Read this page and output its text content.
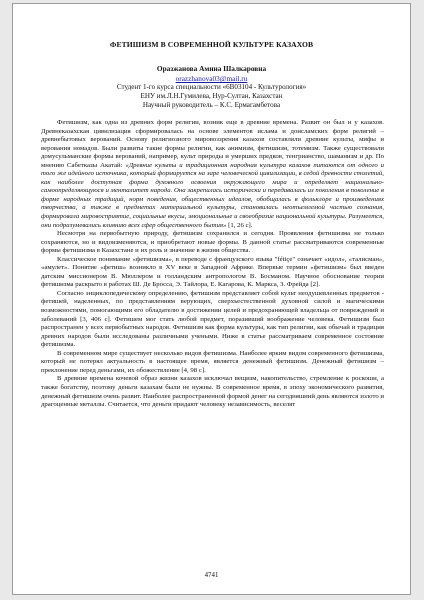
ФЕТИШИЗМ В СОВРЕМЕННОЙ КУЛЬТУРЕ КАЗАХОВ
Оразжанова Амина Шалкаровна
orazzhanova03@mail.ru
Студент 1-го курса специальности «6В03104 - Культурология»
ЕНУ им.Л.Н.Гумилева, Нур-Султан, Казахстан
Научный руководитель – К.С. Ермагамбетова

Фетишизм, как одна из древних форм религии, возник еще в древние времена. Развит он был и у казахов. Древнеказахская цивилизация сформировалась на основе элементов ислама и доисламских форм религий – древнебытовых верований. Основу религиозного мировоззрения казахов составляли древние культы, мифы и верования номадов. Были развиты такие формы религии, как анимизм, фетишизм, тотемизм. Также существовали домусульманские формы верований, например, культ природы и умерших предков, тенгрианство, шаманизм и др. По мнению Сабетказы Акатай: «Древние культы и традиционная народная культура казахов питаются от одного и того же идейного источника, который формируется на заре человеческой цивилизации, в седой древности столетий, как наиболее доступная форма духовного освоения окружающего мира и определяет национально-самоопределяющуюся и менталитет народа. Она закрепилась исторически и передавалась из поколения в поколение в форме народных традиций, норм поведения, общественных идеалов, обобщалась в фольклоре и произведениях творчества, а также в предметах материальной культуры, становилась неотъемлемой частью сознания, формировала мировосприятие, социальные вкусы, эмоциональные и своеобразие национальной культуры. Разумеется, они подразумевались влиянию всех сфер общественного бытия» [1, 26 с].

Несмотря на первобытную природу, фетишизм сохранился и сегодня. Проявления фетишизма не только сохраняются, но и видоизменяются, и приобретают новые формы. В данной статье рассматриваются современные формы фетишизма в Казахстане и их роль и значение в жизни общества.

Классическое понимание «фетишизма», в переводе с французского языка "fétiçe" означает «идол», «талисман», «амулет». Понятие «фетиш» возникло в XV веке в Западной Африке. Впервые термин «фетишизм» был введен датским миссионером В. Мюллером и голландским антропологом В. Босманом. Научное обоснование теории фетишизма раскрыто в работах Ш. Де Бросса, Э. Тайлора, Е. Кагарова, К. Маркса, З. Фрейда [2].

Согласно энциклопедическому определению, фетишизм представляет собой культ неодушевленных предметов - фетишей, наделенных, по представлениям верующих, сверхъестественной духовной силой и магическими возможностями, помогающими его обладателю в достижении целей и предохраняющей владельца от повреждений и заболеваний [3, 406 с]. Фетишем мог стать любой предмет, поразивший воображение человека. Фетишизм был распространен у всех первобытных народов. Фетишизм как форма культуры, как тип религии, как обычай и традиция древних народов были исследованы различными учеными. Ниже в статье рассматриваем современное состояние фетишизма.

В современном мире существует несколько видов фетишизма. Наиболее ярким видом современного фетишизма, который не потерял актуальность в настоящее время, является денежный фетишизм. Денежный фетишизм – преклонение перед деньгами, их обожествление [4, 98 с].

В древние времена кочевой образ жизни казахов исключал вещизм, накопительство, стремление к роскоши, а также богатству, поэтому деньги казахам были не нужны. В современное время, в эпоху экономического развития, денежный фетишизм очень развит. Наиболее распространенной формой денег на сегодняшний день являются золото и драгоценные металлы. Считается, что деньги придают человеку независимость, веселят

4741
